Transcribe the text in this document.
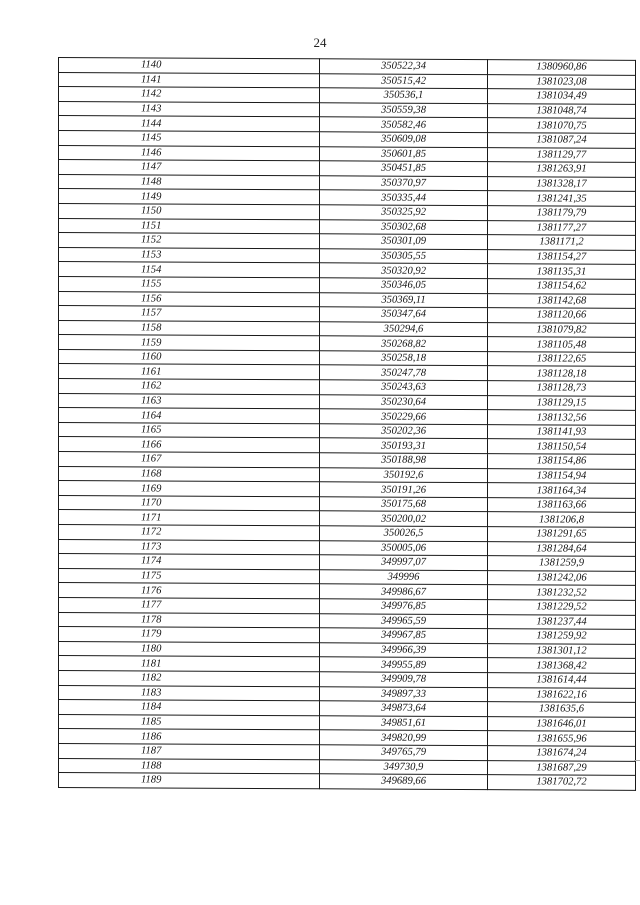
24
1140	350522,34	1380960,86
1141	350515,42	1381023,08
1142	350536,1	1381034,49
1143	350559,38	1381048,74
1144	350582,46	1381070,75
1145	350609,08	1381087,24
1146	350601,85	1381129,77
1147	350451,85	1381263,91
1148	350370,97	1381328,17
1149	350335,44	1381241,35
1150	350325,92	1381179,79
1151	350302,68	1381177,27
1152	350301,09	1381171,2
1153	350305,55	1381154,27
1154	350320,92	1381135,31
1155	350346,05	1381154,62
1156	350369,11	1381142,68
1157	350347,64	1381120,66
1158	350294,6	1381079,82
1159	350268,82	1381105,48
1160	350258,18	1381122,65
1161	350247,78	1381128,18
1162	350243,63	1381128,73
1163	350230,64	1381129,15
1164	350229,66	1381132,56
1165	350202,36	1381141,93
1166	350193,31	1381150,54
1167	350188,98	1381154,86
1168	350192,6	1381154,94
1169	350191,26	1381164,34
1170	350175,68	1381163,66
1171	350200,02	1381206,8
1172	350026,5	1381291,65
1173	350005,06	1381284,64
1174	349997,07	1381259,9
1175	349996	1381242,06
1176	349986,67	1381232,52
1177	349976,85	1381229,52
1178	349965,59	1381237,44
1179	349967,85	1381259,92
1180	349966,39	1381301,12
1181	349955,89	1381368,42
1182	349909,78	1381614,44
1183	349897,33	1381622,16
1184	349873,64	1381635,6
1185	349851,61	1381646,01
1186	349820,99	1381655,96
1187	349765,79	1381674,24
1188	349730,9	1381687,29
1189	349689,66	1381702,72
